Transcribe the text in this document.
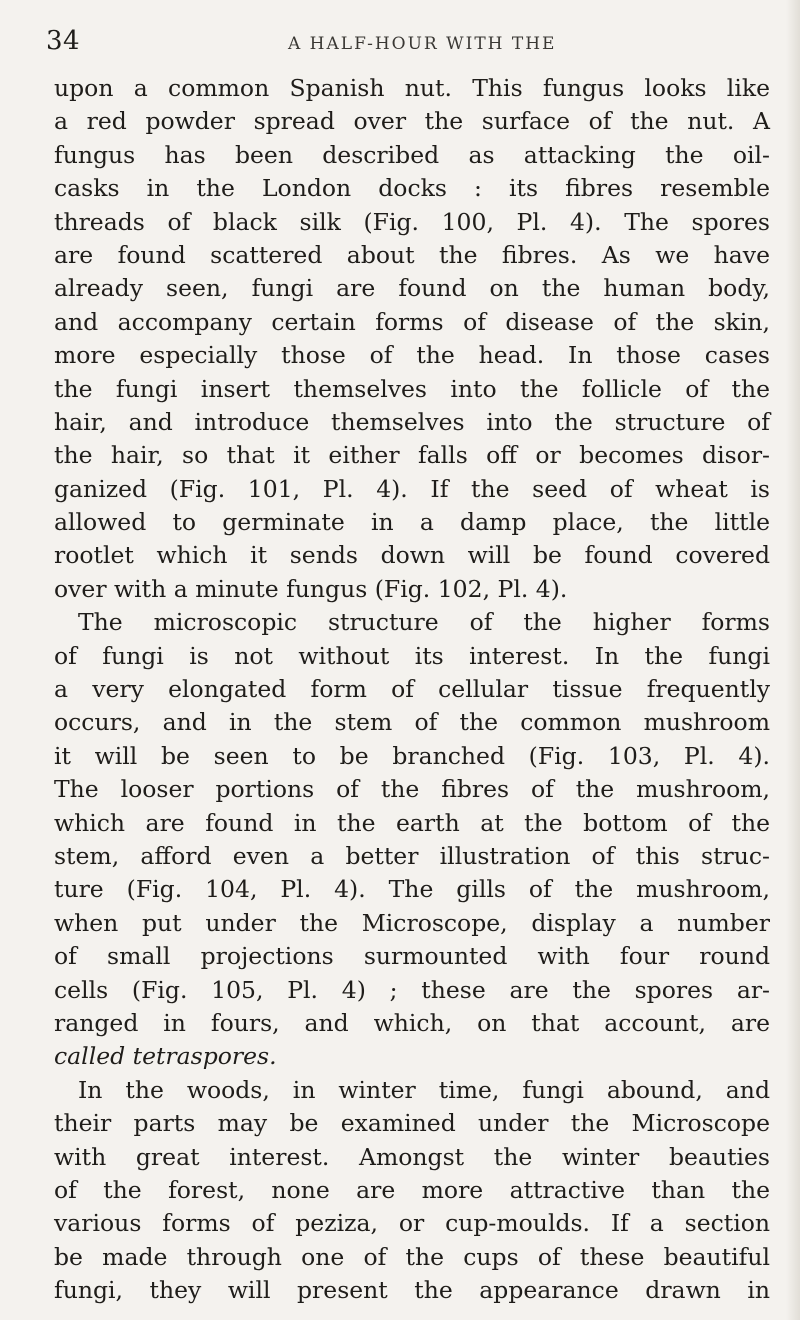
34	A HALF-HOUR WITH THE
upon a common Spanish nut. This fungus looks like
a red powder spread over the surface of the nut. A
fungus has been described as attacking the oil-
casks in the London docks : its fibres resemble
threads of black silk (Fig. 100, Pl. 4). The spores
are found scattered about the fibres. As we have
already seen, fungi are found on the human body,
and accompany certain forms of disease of the skin,
more especially those of the head. In those cases
the fungi insert themselves into the follicle of the
hair, and introduce themselves into the structure of
the hair, so that it either falls off or becomes disor-
ganized (Fig. 101, Pl. 4). If the seed of wheat is
allowed to germinate in a damp place, the little
rootlet which it sends down will be found covered
over with a minute fungus (Fig. 102, Pl. 4).
The microscopic structure of the higher forms
of fungi is not without its interest. In the fungi
a very elongated form of cellular tissue frequently
occurs, and in the stem of the common mushroom
it will be seen to be branched (Fig. 103, Pl. 4).
The looser portions of the fibres of the mushroom,
which are found in the earth at the bottom of the
stem, afford even a better illustration of this struc-
ture (Fig. 104, Pl. 4). The gills of the mushroom,
when put under the Microscope, display a number
of small projections surmounted with four round
cells (Fig. 105, Pl. 4) ; these are the spores ar-
ranged in fours, and which, on that account, are
called tetraspores.
In the woods, in winter time, fungi abound, and
their parts may be examined under the Microscope
with great interest. Amongst the winter beauties
of the forest, none are more attractive than the
various forms of peziza, or cup-moulds. If a section
be made through one of the cups of these beautiful
fungi, they will present the appearance drawn in
